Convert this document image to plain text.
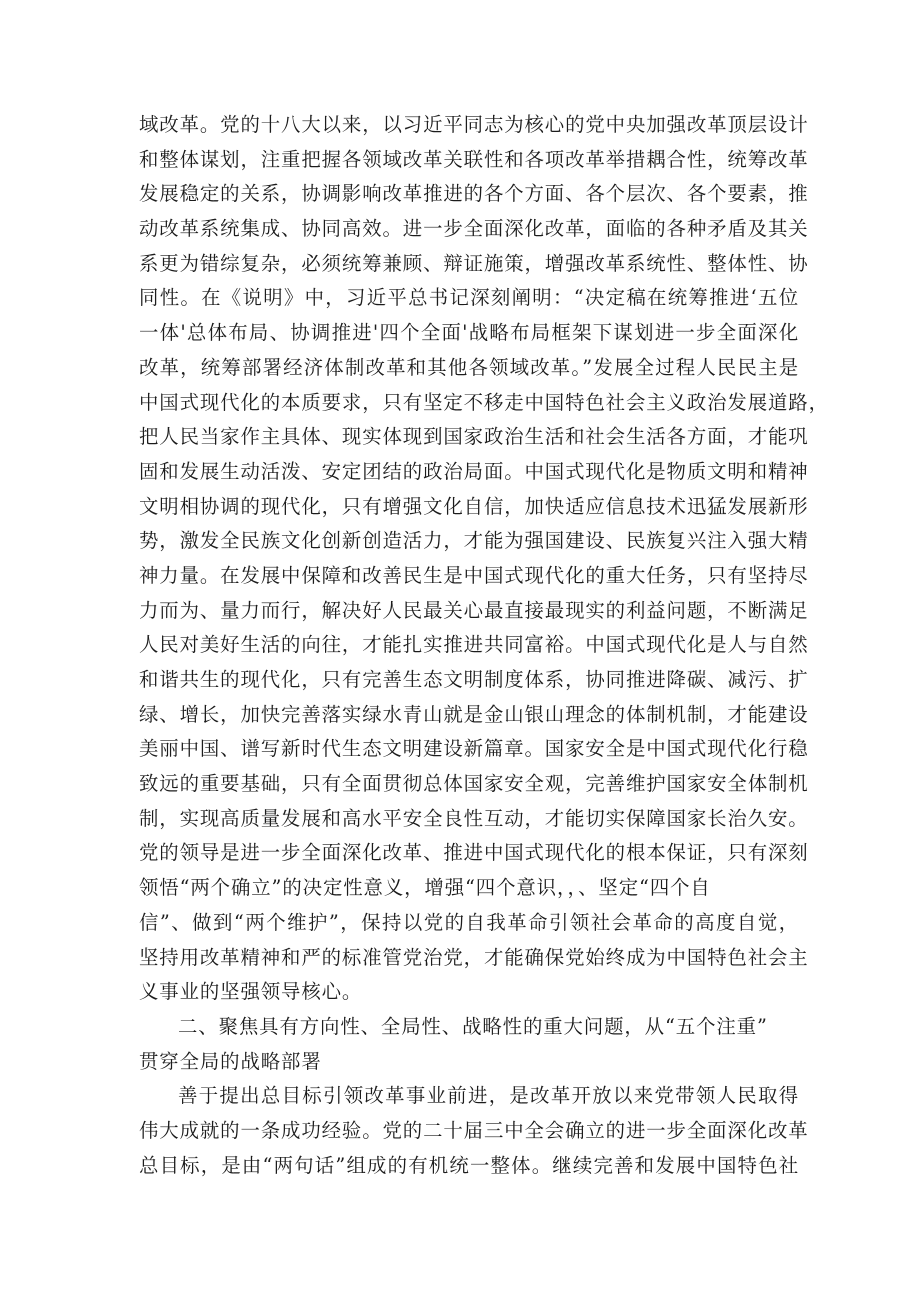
域改革。党的十八大以来，以习近平同志为核心的党中央加强改革顶层设计
和整体谋划，注重把握各领域改革关联性和各项改革举措耦合性，统筹改革
发展稳定的关系，协调影响改革推进的各个方面、各个层次、各个要素，推
动改革系统集成、协同高效。进一步全面深化改革，面临的各种矛盾及其关
系更为错综复杂，必须统筹兼顾、辩证施策，增强改革系统性、整体性、协
同性。在《说明》中，习近平总书记深刻阐明：“决定稿在统筹推进‘五位
一体'总体布局、协调推进'四个全面'战略布局框架下谋划进一步全面深化
改革，统筹部署经济体制改革和其他各领域改革。”发展全过程人民民主是
中国式现代化的本质要求，只有坚定不移走中国特色社会主义政治发展道路，
把人民当家作主具体、现实体现到国家政治生活和社会生活各方面，才能巩
固和发展生动活泼、安定团结的政治局面。中国式现代化是物质文明和精神
文明相协调的现代化，只有增强文化自信，加快适应信息技术迅猛发展新形
势，激发全民族文化创新创造活力，才能为强国建设、民族复兴注入强大精
神力量。在发展中保障和改善民生是中国式现代化的重大任务，只有坚持尽
力而为、量力而行，解决好人民最关心最直接最现实的利益问题，不断满足
人民对美好生活的向往，才能扎实推进共同富裕。中国式现代化是人与自然
和谐共生的现代化，只有完善生态文明制度体系，协同推进降碳、减污、扩
绿、增长，加快完善落实绿水青山就是金山银山理念的体制机制，才能建设
美丽中国、谱写新时代生态文明建设新篇章。国家安全是中国式现代化行稳
致远的重要基础，只有全面贯彻总体国家安全观，完善维护国家安全体制机
制，实现高质量发展和高水平安全良性互动，才能切实保障国家长治久安。
党的领导是进一步全面深化改革、推进中国式现代化的根本保证，只有深刻
领悟“两个确立”的决定性意义，增强“四个意识，，、坚定“四个自
信”、做到“两个维护”，保持以党的自我革命引领社会革命的高度自觉，
坚持用改革精神和严的标准管党治党，才能确保党始终成为中国特色社会主
义事业的坚强领导核心。
二、聚焦具有方向性、全局性、战略性的重大问题，从“五个注重”
贯穿全局的战略部署
善于提出总目标引领改革事业前进，是改革开放以来党带领人民取得
伟大成就的一条成功经验。党的二十届三中全会确立的进一步全面深化改革
总目标，是由“两句话”组成的有机统一整体。继续完善和发展中国特色社
